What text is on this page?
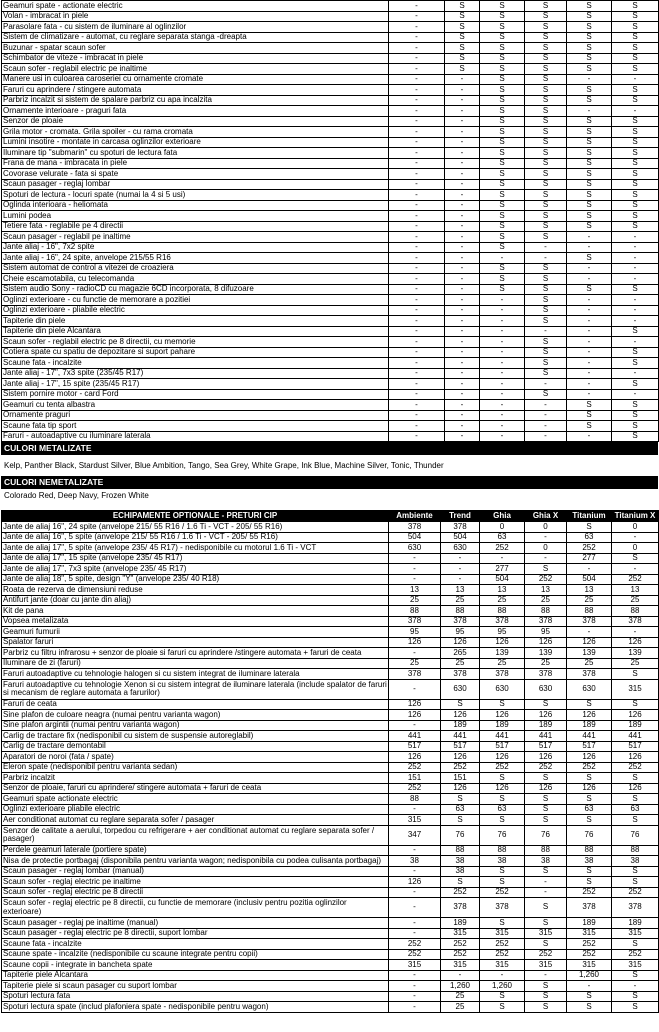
Geamuri spate - actionate electric	-	S	S	S	S	S
Volan - imbracat in piele	-	S	S	S	S	S
Parasolare fata - cu sistem de iluminare al oglinzilor	-	S	S	S	S	S
Sistem de climatizare - automat, cu reglare separata stanga -dreapta	-	S	S	S	S	S
Buzunar - spatar scaun sofer	-	S	S	S	S	S
Schimbator de viteze - imbracat in piele	-	S	S	S	S	S
Scaun sofer - reglabil electric pe inaltime	-	S	S	S	S	S
Manere usi in culoarea caroseriei cu ornamente cromate	-	-	S	S	-	-
Faruri cu aprindere / stingere automata	-	-	S	S	S	S
Parbriz incalzit si sistem de spalare parbriz cu apa incalzita	-	-	S	S	S	S
Ornamente interioare - praguri fata	-	-	S	S	-	-
Senzor de ploaie	-	-	S	S	S	S
Grila motor - cromata. Grila spoiler - cu rama cromata	-	-	S	S	S	S
Lumini insotire - montate in carcasa oglinzilor exterioare	-	-	S	S	S	S
Iluminare tip "submarin" cu spoturi de lectura fata	-	-	S	S	S	S
Frana de mana - imbracata in piele	-	-	S	S	S	S
Covorase velurate - fata si spate	-	-	S	S	S	S
Scaun pasager - reglaj lombar	-	-	S	S	S	S
Spoturi de lectura - locuri spate (numai la 4 si 5 usi)	-	-	S	S	S	S
Oglinda interioara - heliomata	-	-	S	S	S	S
Lumini podea	-	-	S	S	S	S
Tetiere fata - reglabile pe 4 directii	-	-	S	S	S	S
Scaun pasager - reglabil pe inaltime	-	-	S	S	-	-
Jante aliaj - 16", 7x2 spite	-	-	S	-	-	-
Jante aliaj - 16", 24 spite, anvelope 215/55 R16	-	-	-	-	S	-
Sistem automat de control a vitezei de croaziera	-	-	S	S	-	-
Cheie escamotabila, cu telecomanda	-	-	S	S	-	-
Sistem audio Sony - radioCD cu magazie 6CD incorporata, 8 difuzoare	-	-	S	S	S	S
Oglinzi exterioare - cu functie de memorare a pozitiei	-	-	-	S	-	-
Oglinzi exterioare - pliabile electric	-	-	-	S	-	-
Tapiterie din piele	-	-	-	S	-	-
Tapiterie din piele Alcantara	-	-	-	-	-	S
Scaun sofer - reglabil electric pe 8 directii, cu memorie	-	-	-	S	-	-
Cotiera spate cu spatiu de depozitare si suport pahare	-	-	-	S	-	S
Scaune fata - incalzite	-	-	-	S	-	S
Jante aliaj - 17", 7x3 spite (235/45 R17)	-	-	-	S	-	-
Jante aliaj - 17", 15 spite (235/45 R17)	-	-	-	-	-	S
Sistem pornire motor - card Ford	-	-	-	S	-	-
Geamuri cu tenta albastra	-	-	-	-	S	S
Ornamente praguri	-	-	-	-	S	S
Scaune fata tip sport	-	-	-	-	S	S
Faruri - autoadaptive cu iluminare laterala	-	-	-	-	-	S
CULORI METALIZATE
Kelp, Panther Black, Stardust Silver, Blue Ambition, Tango, Sea Grey, White Grape, Ink Blue, Machine Silver, Tonic, Thunder
CULORI NEMETALIZATE
Colorado Red, Deep Navy, Frozen White
ECHIPAMENTE OPTIONALE - PRETURI CIP	Ambiente	Trend	Ghia	Ghia X	Titanium	Titanium X
Jante de aliaj 16", 24 spite (anvelope 215/ 55 R16 / 1.6 Ti - VCT - 205/ 55 R16)	378	378	0	0	S	0
Jante de aliaj 16", 5 spite (anvelope 215/ 55 R16 / 1.6 Ti - VCT - 205/ 55 R16)	504	504	63	-	63	-
Jante de aliaj 17", 5 spite (anvelope 235/ 45 R17) - nedisponibile cu motorul 1.6 Ti - VCT	630	630	252	0	252	0
Jante de aliaj 17", 15 spite (anvelope 235/ 45 R17)	-	-	-	-	277	S
Jante de aliaj 17", 7x3 spite (anvelope 235/ 45 R17)	-	-	277	S	-	-
Jante de aliaj 18", 5 spite, design "Y" (anvelope 235/ 40 R18)	-	-	504	252	504	252
Roata de rezerva de dimensiuni reduse	13	13	13	13	13	13
Antifurt jante (doar cu jante din aliaj)	25	25	25	25	25	25
Kit de pana	88	88	88	88	88	88
Vopsea metalizata	378	378	378	378	378	378
Geamuri fumurii	95	95	95	95	-	-
Spalator faruri	126	126	126	126	126	126
Parbriz cu filtru infrarosu + senzor de ploaie si faruri cu aprindere /stingere automata + faruri de ceata	-	265	139	139	139	139
Iluminare de zi (faruri)	25	25	25	25	25	25
Faruri autoadaptive cu tehnologie halogen si cu sistem integrat de iluminare laterala	378	378	378	378	378	S
Faruri autoadaptive cu tehnologie Xenon si cu sistem integrat de iluminare laterala (include spalator de faruri si mecanism de reglare automata a farurilor)	-	630	630	630	630	315
Faruri de ceata	126	S	S	S	S	S
Sine plafon de culoare neagra (numai pentru varianta wagon)	126	126	126	126	126	126
Sine plafon argintii (numai pentru varianta wagon)	-	189	189	189	189	189
Carlig de tractare fix (nedisponibil cu sistem de suspensie autoreglabil)	441	441	441	441	441	441
Carlig de tractare demontabil	517	517	517	517	517	517
Aparatori de noroi (fata / spate)	126	126	126	126	126	126
Eleron spate (nedisponibil pentru varianta sedan)	252	252	252	252	252	252
Parbriz incalzit	151	151	S	S	S	S
Senzor de ploaie, faruri cu aprindere/ stingere automata + faruri de ceata	252	126	126	126	126	126
Geamuri spate actionate electric	88	S	S	S	S	S
Oglinzi exterioare pliabile electric	-	63	63	S	63	63
Aer conditionat automat cu reglare separata sofer / pasager	315	S	S	S	S	S
Senzor de calitate a aerului, torpedou cu refrigerare + aer conditionat automat cu reglare separata sofer / pasager)	347	76	76	76	76	76
Perdele geamuri laterale (portiere spate)	-	88	88	88	88	88
Nisa de protectie portbagaj (disponibila pentru varianta wagon; nedisponibila cu podea culisanta portbagaj)	38	38	38	38	38	38
Scaun pasager - reglaj lombar (manual)	-	38	S	S	S	S
Scaun sofer - reglaj electric pe inaltime	126	S	S	-	S	S
Scaun sofer - reglaj electric pe 8 directii	-	252	252	-	252	252
Scaun sofer - reglaj electric pe 8 directii, cu functie de memorare (inclusiv pentru pozitia oglinzilor exterioare)	-	378	378	S	378	378
Scaun pasager - reglaj pe inaltime (manual)	-	189	S	S	189	189
Scaun pasager - reglaj electric pe 8 directii, suport lombar	-	315	315	315	315	315
Scaune fata - incalzite	252	252	252	S	252	S
Scaune spate - incalzite (nedisponibile cu scaune integrate pentru copii)	252	252	252	252	252	252
Scaune copii - integrate in bancheta spate	315	315	315	315	315	315
Tapiterie piele Alcantara	-	-	-	-	1,260	S
Tapiterie piele si scaun pasager cu suport lombar	-	1,260	1,260	S	-	-
Spoturi lectura fata	-	25	S	S	S	S
Spoturi lectura spate (includ plafoniera spate - nedisponibile pentru wagon)	-	25	S	S	S	S
